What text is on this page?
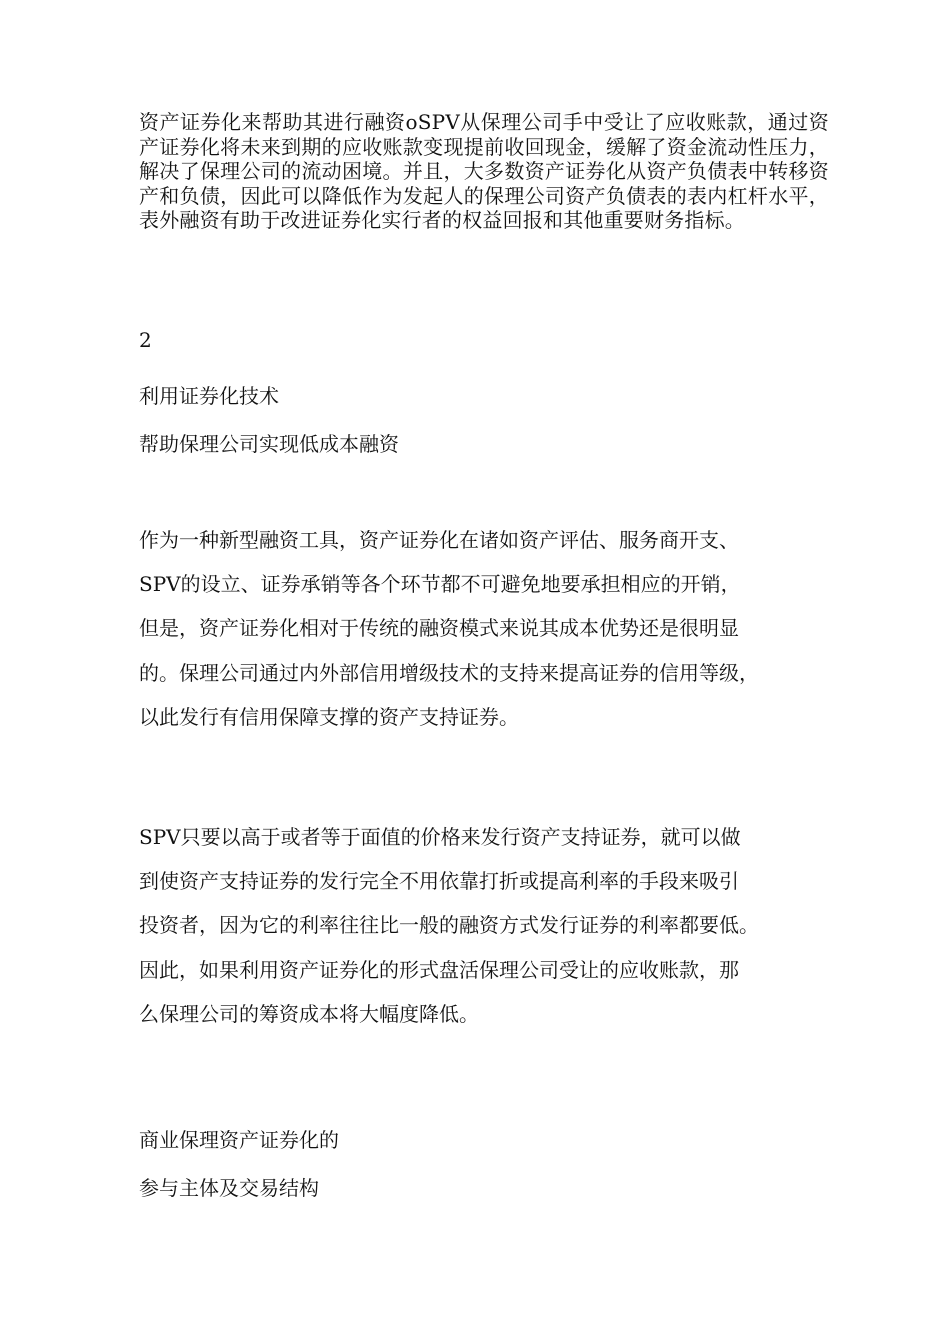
资产证券化来帮助其进行融资oSPV从保理公司手中受让了应收账款，通过资产证券化将未来到期的应收账款变现提前收回现金，缓解了资金流动性压力，解决了保理公司的流动困境。并且，大多数资产证券化从资产负债表中转移资产和负债，因此可以降低作为发起人的保理公司资产负债表的表内杠杆水平，表外融资有助于改进证券化实行者的权益回报和其他重要财务指标。

2
利用证券化技术
帮助保理公司实现低成本融资
作为一种新型融资工具，资产证券化在诸如资产评估、服务商开支、
SPV的设立、证券承销等各个环节都不可避免地要承担相应的开销，
但是，资产证券化相对于传统的融资模式来说其成本优势还是很明显
的。保理公司通过内外部信用增级技术的支持来提高证券的信用等级，
以此发行有信用保障支撑的资产支持证券。
SPV只要以高于或者等于面值的价格来发行资产支持证券，就可以做
到使资产支持证券的发行完全不用依靠打折或提高利率的手段来吸引
投资者，因为它的利率往往比一般的融资方式发行证券的利率都要低。
因此，如果利用资产证券化的形式盘活保理公司受让的应收账款，那
么保理公司的筹资成本将大幅度降低。
商业保理资产证券化的
参与主体及交易结构
